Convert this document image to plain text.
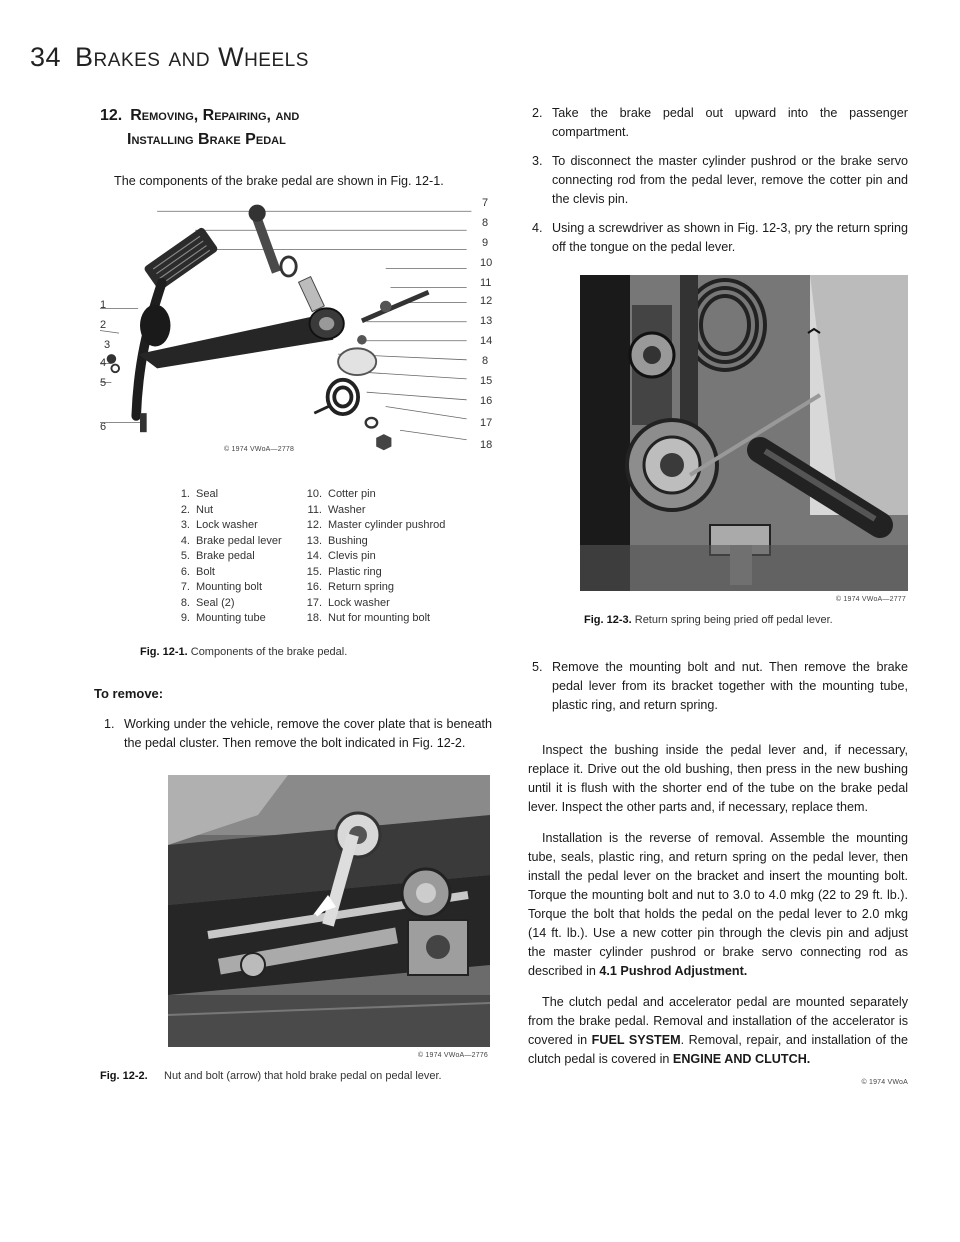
34 Brakes and Wheels
12. Removing, Repairing, and
Installing Brake Pedal

The components of the brake pedal are shown in Fig. 12-1.

1
2
3
4
5
6
7
8
9
10
11
12
13
14
8
15
16
17
18
© 1974 VWoA—2778
1. Seal
2. Nut
3. Lock washer
4. Brake pedal lever
5. Brake pedal
6. Bolt
7. Mounting bolt
8. Seal (2)
9. Mounting tube
10. Cotter pin
11. Washer
12. Master cylinder pushrod
13. Bushing
14. Clevis pin
15. Plastic ring
16. Return spring
17. Lock washer
18. Nut for mounting bolt
Fig. 12-1. Components of the brake pedal.
To remove:
1. Working under the vehicle, remove the cover plate that is beneath the pedal cluster. Then remove the bolt indicated in Fig. 12-2.
© 1974 VWoA—2776
Fig. 12-2.	Nut and bolt (arrow) that hold brake pedal on pedal lever.
2. Take the brake pedal out upward into the passenger compartment.
3. To disconnect the master cylinder pushrod or the brake servo connecting rod from the pedal lever, remove the cotter pin and the clevis pin.
4. Using a screwdriver as shown in Fig. 12-3, pry the return spring off the tongue on the pedal lever.
© 1974 VWoA—2777
Fig. 12-3. Return spring being pried off pedal lever.
5. Remove the mounting bolt and nut. Then remove the brake pedal lever from its bracket together with the mounting tube, plastic ring, and return spring.

Inspect the bushing inside the pedal lever and, if necessary, replace it. Drive out the old bushing, then press in the new bushing until it is flush with the shorter end of the tube on the brake pedal lever. Inspect the other parts and, if necessary, replace them.

Installation is the reverse of removal. Assemble the mounting tube, seals, plastic ring, and return spring on the pedal lever, then install the pedal lever on the bracket and insert the mounting bolt. Torque the mounting bolt and nut to 3.0 to 4.0 mkg (22 to 29 ft. lb.). Torque the bolt that holds the pedal on the pedal lever to 2.0 mkg (14 ft. lb.). Use a new cotter pin through the clevis pin and adjust the master cylinder pushrod or brake servo connecting rod as described in 4.1 Pushrod Adjustment.

The clutch pedal and accelerator pedal are mounted separately from the brake pedal. Removal and installation of the accelerator is covered in FUEL SYSTEM. Removal, repair, and installation of the clutch pedal is covered in ENGINE AND CLUTCH.

© 1974 VWoA
